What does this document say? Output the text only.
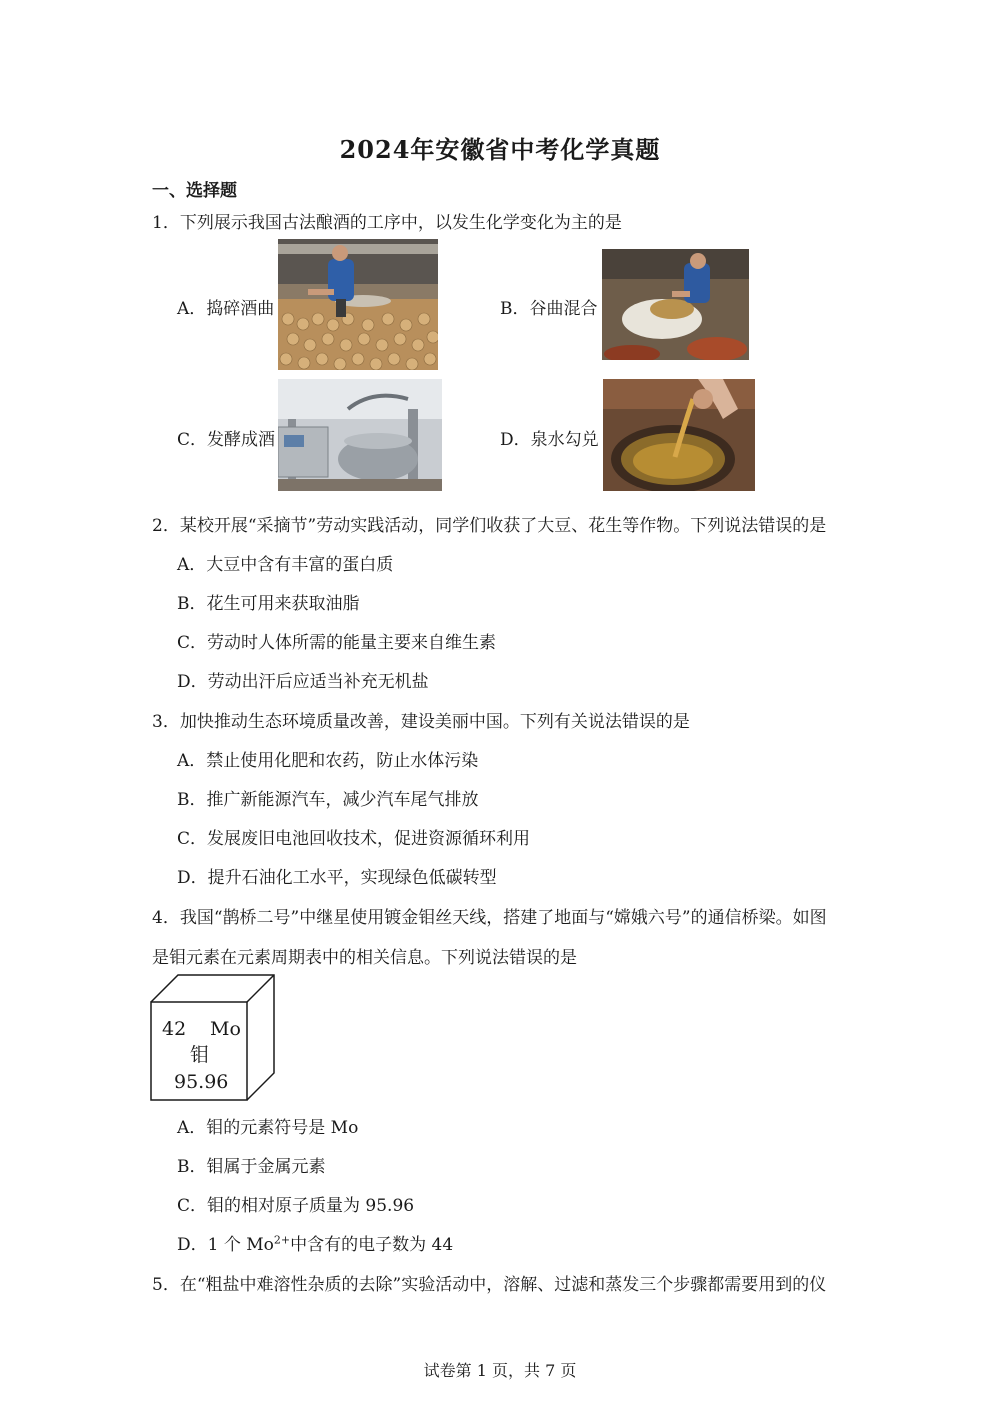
2024年安徽省中考化学真题
一、选择题
1．下列展示我国古法酿酒的工序中，以发生化学变化为主的是
A．捣碎酒曲	B．谷曲混合
C．发酵成酒	D．泉水勾兑
2．某校开展“采摘节”劳动实践活动，同学们收获了大豆、花生等作物。下列说法错误的是
A．大豆中含有丰富的蛋白质
B．花生可用来获取油脂
C．劳动时人体所需的能量主要来自维生素
D．劳动出汗后应适当补充无机盐
3．加快推动生态环境质量改善，建设美丽中国。下列有关说法错误的是
A．禁止使用化肥和农药，防止水体污染
B．推广新能源汽车，减少汽车尾气排放
C．发展废旧电池回收技术，促进资源循环利用
D．提升石油化工水平，实现绿色低碳转型
4．我国“鹊桥二号”中继星使用镀金钼丝天线，搭建了地面与“嫦娥六号”的通信桥梁。如图
是钼元素在元素周期表中的相关信息。下列说法错误的是
42 Mo
钼
95.96
A．钼的元素符号是 Mo
B．钼属于金属元素
C．钼的相对原子质量为 95.96
D．1 个 $Mo^{2+}$中含有的电子数为 44
5．在“粗盐中难溶性杂质的去除”实验活动中，溶解、过滤和蒸发三个步骤都需要用到的仪
试卷第 1 页，共 7 页
